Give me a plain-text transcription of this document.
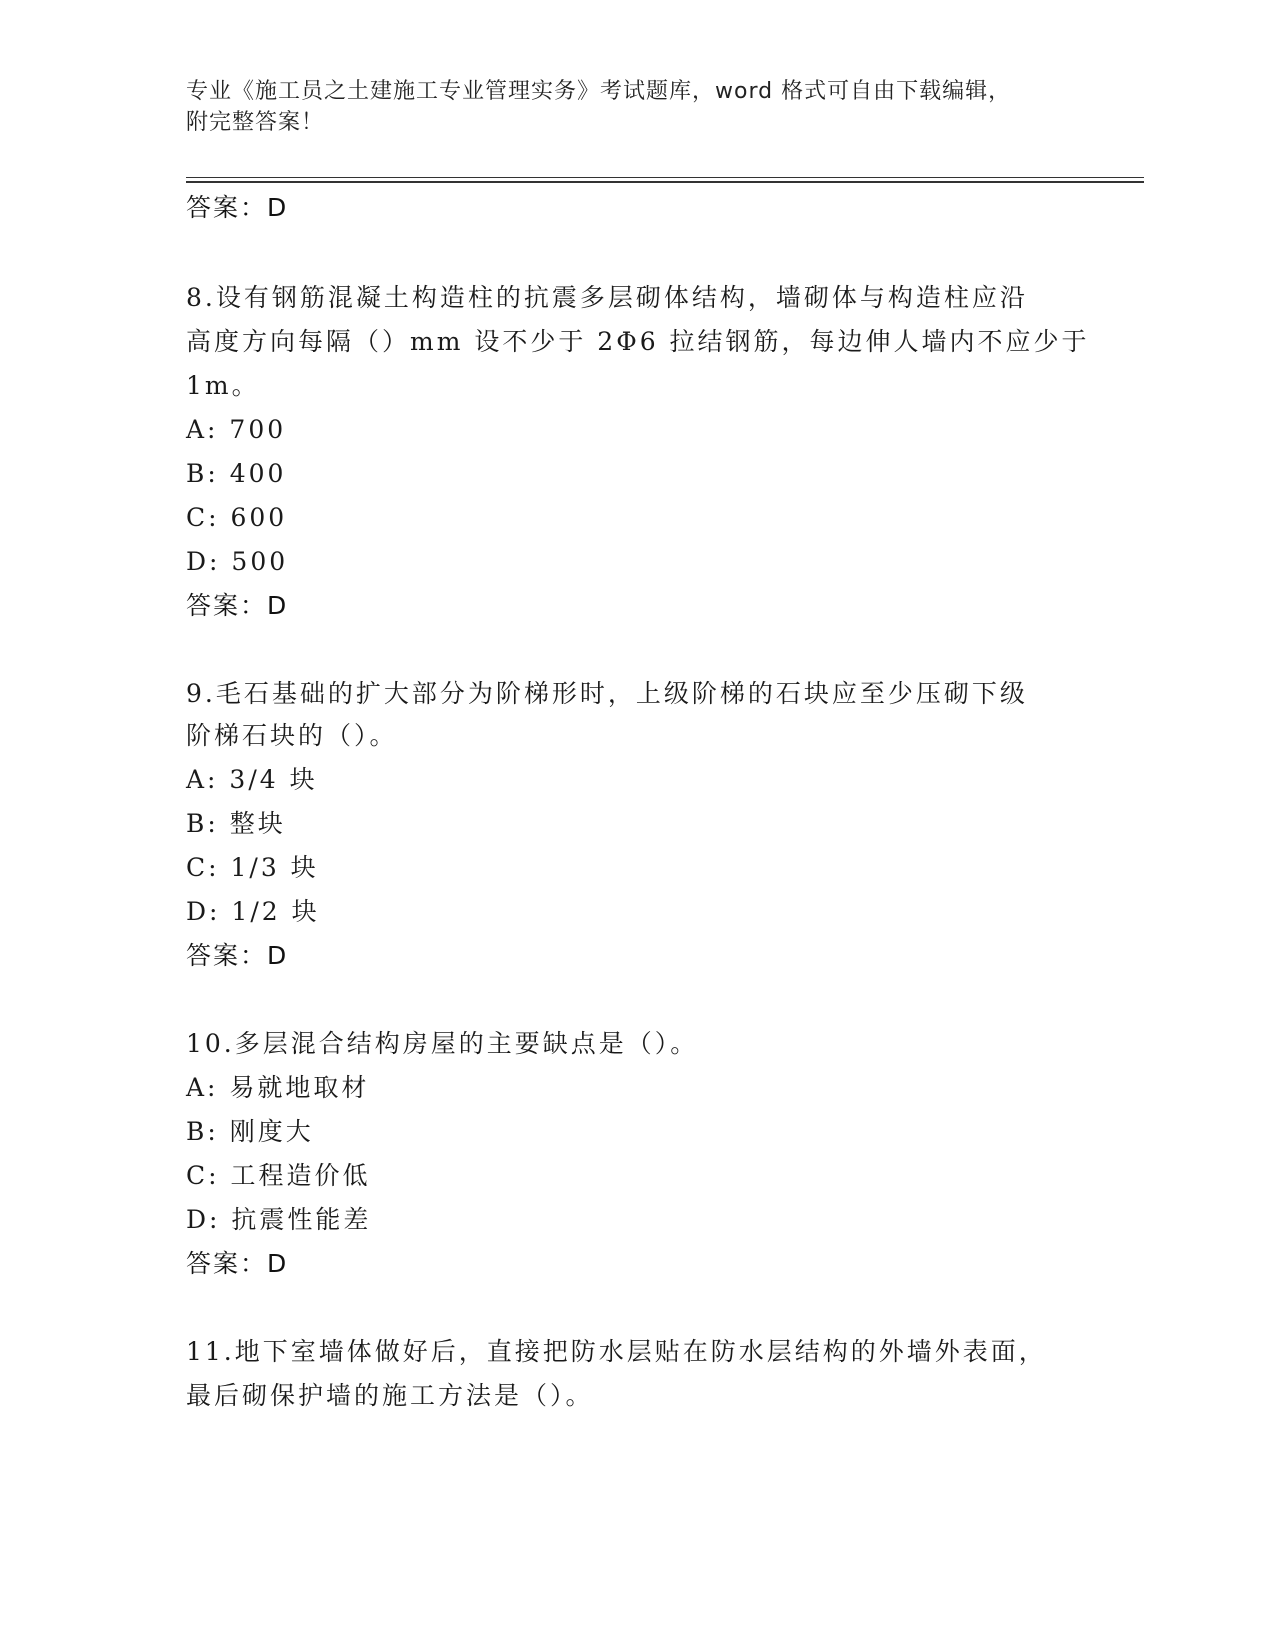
专业《施工员之土建施工专业管理实务》考试题库，word 格式可自由下载编辑，
附完整答案！
答案：D
8.设有钢筋混凝土构造柱的抗震多层砌体结构，墙砌体与构造柱应沿
高度方向每隔（）mm 设不少于 2Φ6 拉结钢筋，每边伸人墙内不应少于
1m。
A: 700
B: 400
C: 600
D: 500
答案：D
9.毛石基础的扩大部分为阶梯形时，上级阶梯的石块应至少压砌下级
阶梯石块的（）。
A: 3/4 块
B: 整块
C: 1/3 块
D: 1/2 块
答案：D
10.多层混合结构房屋的主要缺点是（）。
A: 易就地取材
B: 刚度大
C: 工程造价低
D: 抗震性能差
答案：D
11.地下室墙体做好后，直接把防水层贴在防水层结构的外墙外表面，
最后砌保护墙的施工方法是（）。
